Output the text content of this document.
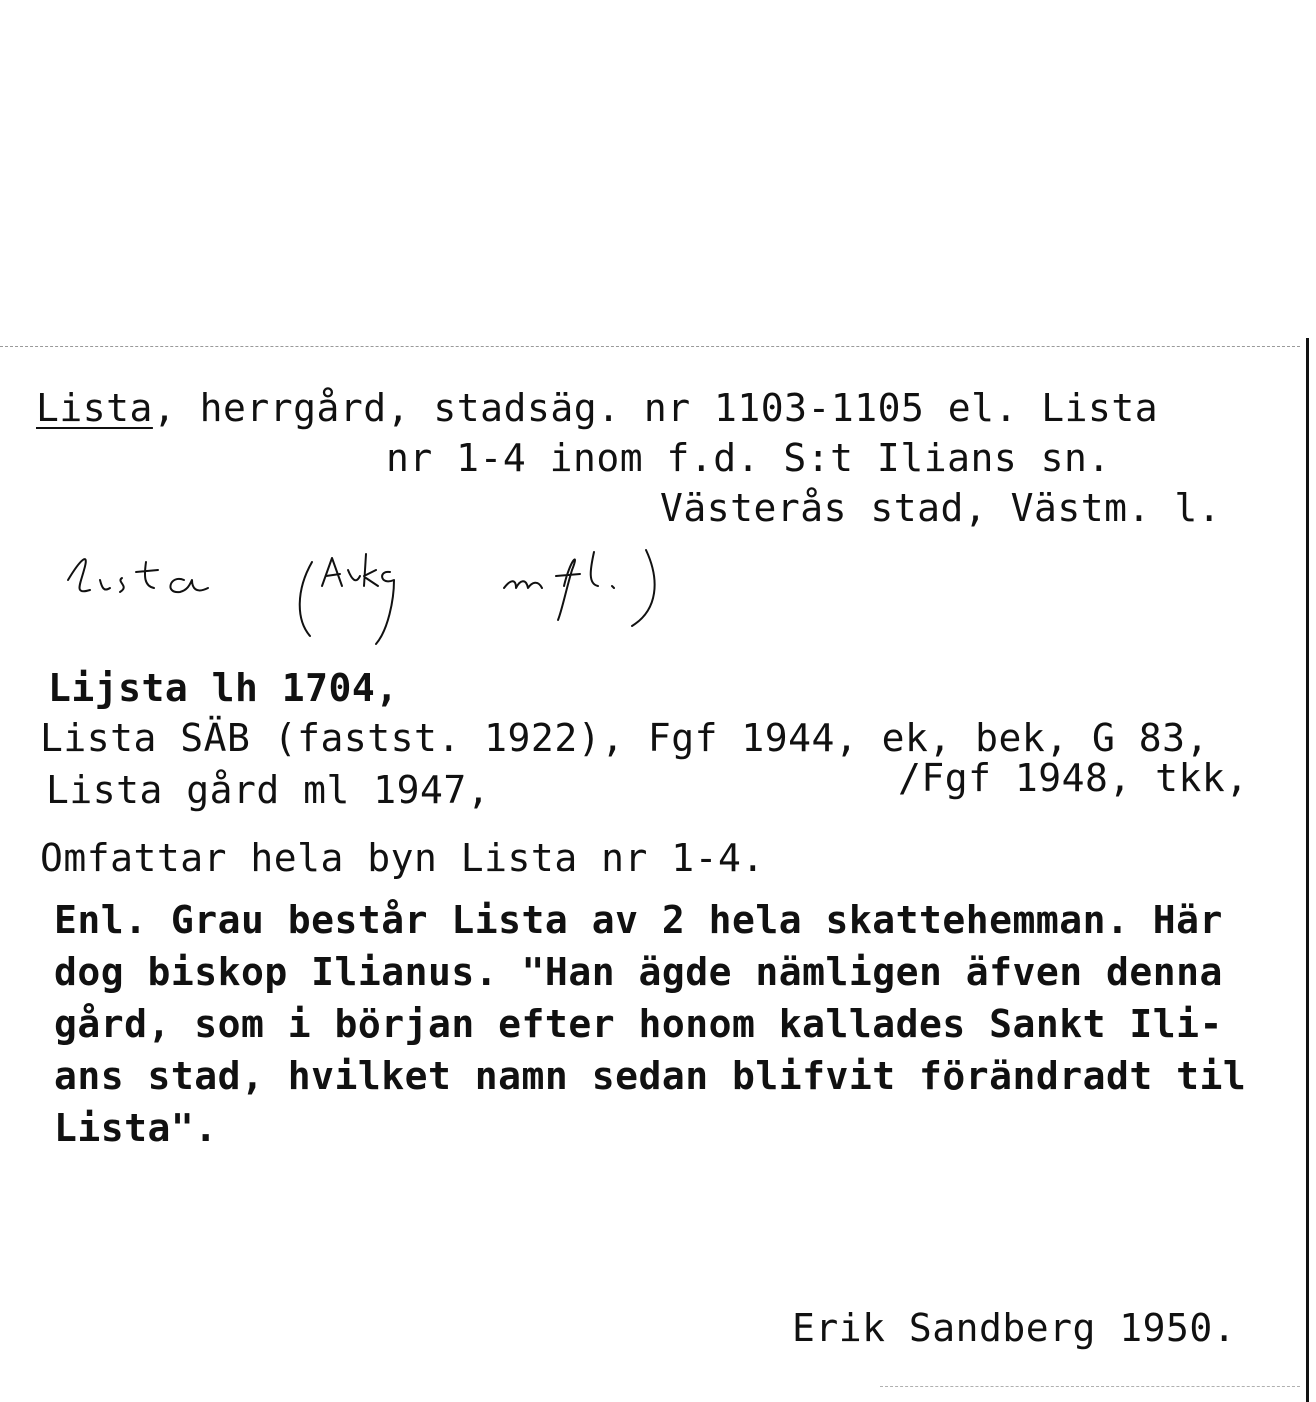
Lista, herrgård, stadsäg. nr 1103-1105 el. Lista
nr 1-4 inom f.d. S:t Ilians sn.
Västerås stad, Västm. l.
Lijsta lh 1704,
Lista SÄB (fastst. 1922), Fgf 1944, ek, bek, G 83,
Lista gård ml 1947,	/Fgf 1948, tkk,
Omfattar hela byn Lista nr 1-4.
Enl. Grau består Lista av 2 hela skattehemman. Här
dog biskop Ilianus. "Han ägde nämligen äfven denna
gård, som i början efter honom kallades Sankt Ili-
ans stad, hvilket namn sedan blifvit förändradt til
Lista".
Erik Sandberg 1950.
